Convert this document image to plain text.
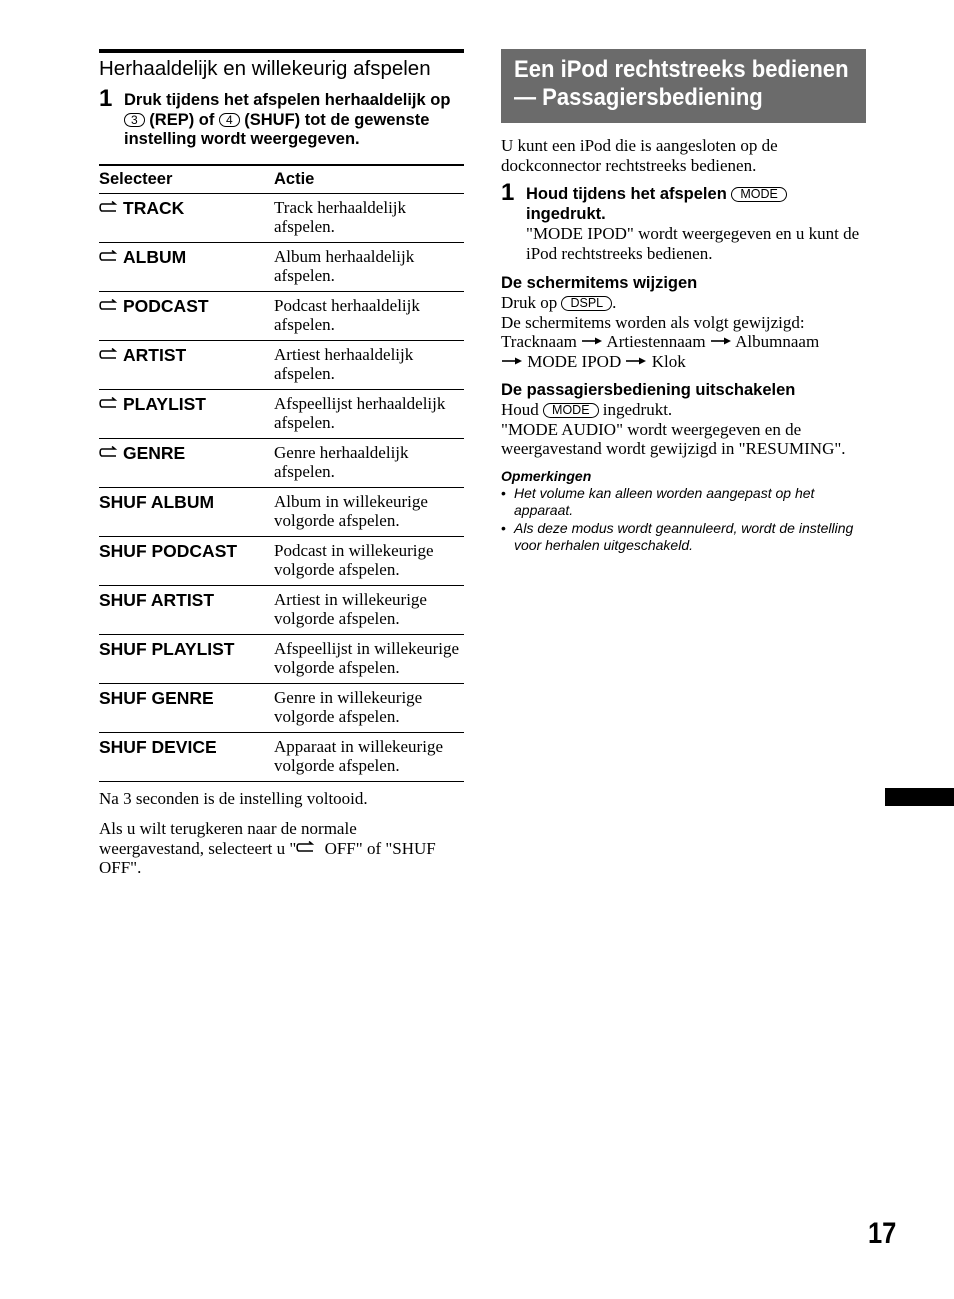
Herhaaldelijk en willekeurig afspelen
1 Druk tijdens het afspelen herhaaldelijk op 3 (REP) of 4 (SHUF) tot de gewenste instelling wordt weergegeven.
Selecteer	Actie
TRACK	Track herhaaldelijk afspelen.
ALBUM	Album herhaaldelijk afspelen.
PODCAST	Podcast herhaaldelijk afspelen.
ARTIST	Artiest herhaaldelijk afspelen.
PLAYLIST	Afspeellijst herhaaldelijk afspelen.
GENRE	Genre herhaaldelijk afspelen.
SHUF ALBUM	Album in willekeurige volgorde afspelen.
SHUF PODCAST	Podcast in willekeurige volgorde afspelen.
SHUF ARTIST	Artiest in willekeurige volgorde afspelen.
SHUF PLAYLIST	Afspeellijst in willekeurige volgorde afspelen.
SHUF GENRE	Genre in willekeurige volgorde afspelen.
SHUF DEVICE	Apparaat in willekeurige volgorde afspelen.

Na 3 seconden is de instelling voltooid.

Als u wilt terugkeren naar de normale weergavestand, selecteert u " OFF" of "SHUF OFF".

Een iPod rechtstreeks bedienen
— Passagiersbediening

U kunt een iPod die is aangesloten op de dockconnector rechtstreeks bedienen.

1 Houd tijdens het afspelen MODE ingedrukt.

"MODE IPOD" wordt weergegeven en u kunt de iPod rechtstreeks bedienen.

De schermitems wijzigen

Druk op DSPL .
De schermitems worden als volgt gewijzigd:
Tracknaam Artiestennaam Albumnaam
MODE IPOD Klok

De passagiersbediening uitschakelen

Houd MODE ingedrukt.
"MODE AUDIO" wordt weergegeven en de weergavestand wordt gewijzigd in "RESUMING".

Opmerkingen

• Het volume kan alleen worden aangepast op het apparaat.
• Als deze modus wordt geannuleerd, wordt de instelling voor herhalen uitgeschakeld.
17
